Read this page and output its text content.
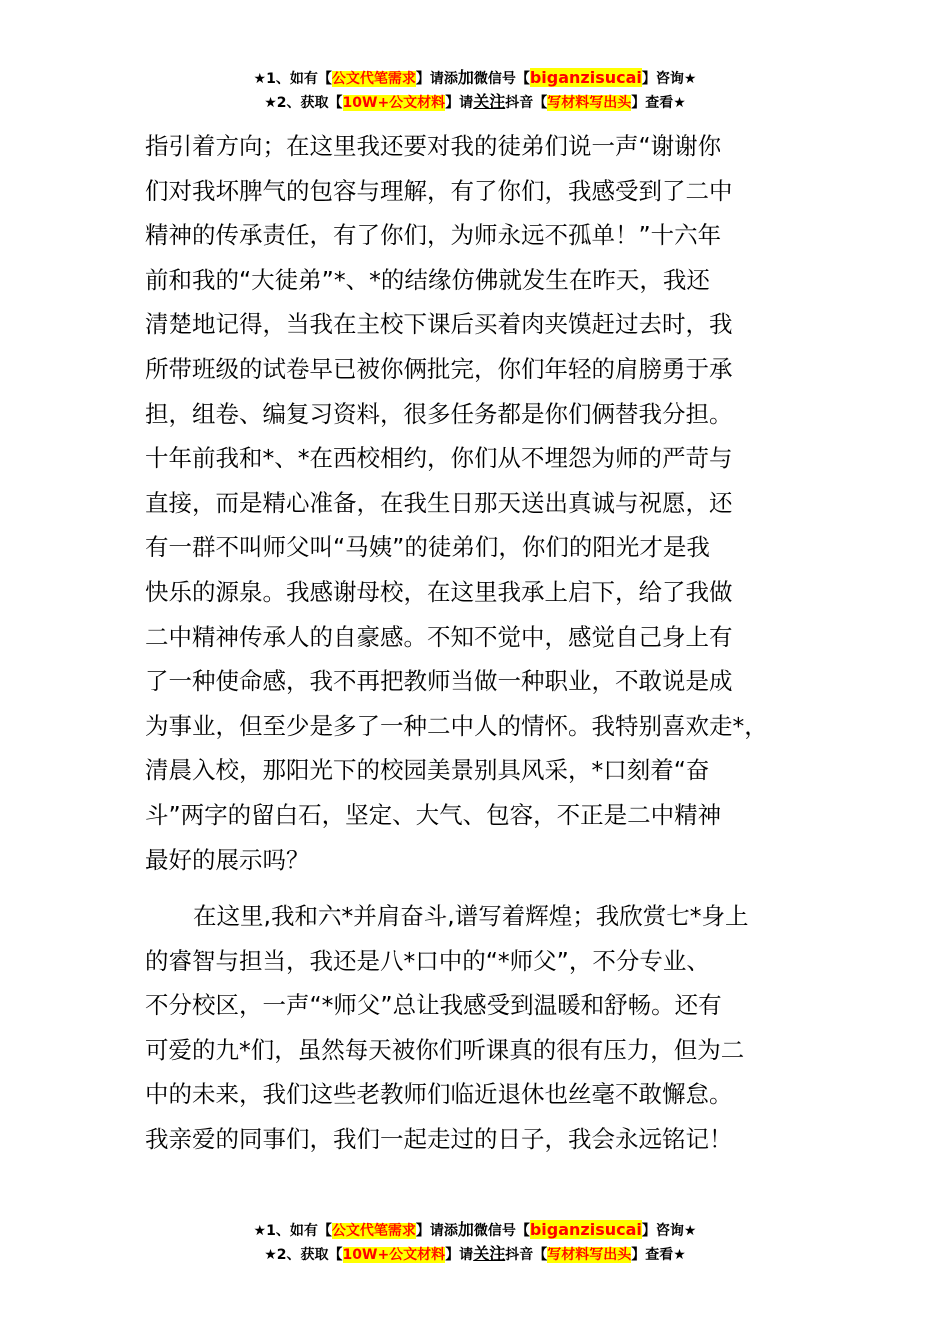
★1、如有【公文代笔需求】请添加微信号【biganzisucai】咨询★
★2、获取【10W+公文材料】请关注抖音【写材料写出头】查看★
指引着方向；在这里我还要对我的徒弟们说一声“谢谢你
们对我坏脾气的包容与理解，有了你们，我感受到了二中
精神的传承责任，有了你们，为师永远不孤单！”十六年
前和我的“大徒弟”*、*的结缘仿佛就发生在昨天，我还
清楚地记得，当我在主校下课后买着肉夹馍赶过去时，我
所带班级的试卷早已被你俩批完，你们年轻的肩膀勇于承
担，组卷、编复习资料，很多任务都是你们俩替我分担。
十年前我和*、*在西校相约，你们从不埋怨为师的严苛与
直接，而是精心准备，在我生日那天送出真诚与祝愿，还
有一群不叫师父叫“马姨”的徒弟们，你们的阳光才是我
快乐的源泉。我感谢母校，在这里我承上启下，给了我做
二中精神传承人的自豪感。不知不觉中，感觉自己身上有
了一种使命感，我不再把教师当做一种职业，不敢说是成
为事业，但至少是多了一种二中人的情怀。我特别喜欢走*，
清晨入校，那阳光下的校园美景别具风采，*口刻着“奋
斗”两字的留白石，坚定、大气、包容，不正是二中精神
最好的展示吗？
在这里,我和六*并肩奋斗,谱写着辉煌；我欣赏七*身上
的睿智与担当，我还是八*口中的“*师父”，不分专业、
不分校区，一声“*师父”总让我感受到温暖和舒畅。还有
可爱的九*们，虽然每天被你们听课真的很有压力，但为二
中的未来，我们这些老教师们临近退休也丝毫不敢懈怠。
我亲爱的同事们，我们一起走过的日子，我会永远铭记！
★1、如有【公文代笔需求】请添加微信号【biganzisucai】咨询★
★2、获取【10W+公文材料】请关注抖音【写材料写出头】查看★
